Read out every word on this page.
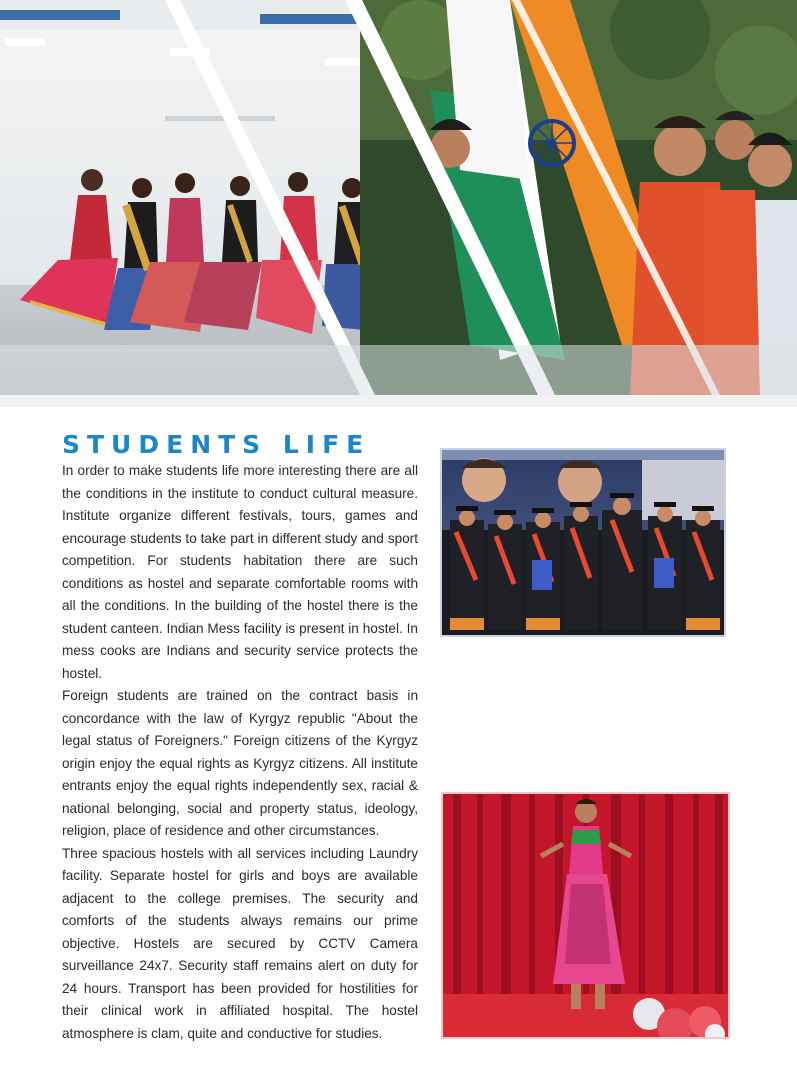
STUDENTS LIFE

In order to make students life more interesting there are all the conditions in the institute to conduct cultural measure. Institute organize different festivals, tours, games and encourage students to take part in different study and sport competition. For students habitation there are such conditions as hostel and separate comfortable rooms with all the conditions. In the building of the hostel there is the student canteen. Indian Mess facility is present in hostel. In mess cooks are Indians and security service protects the hostel.

Foreign students are trained on the contract basis in concordance with the law of Kyrgyz republic "About the legal status of Foreigners." Foreign citizens of the Kyrgyz origin enjoy the equal rights as Kyrgyz citizens. All institute entrants enjoy the equal rights independently sex, racial & national belonging, social and property status, ideology, religion, place of residence and other circumstances.

Three spacious hostels with all services including Laundry facility. Separate hostel for girls and boys are available adjacent to the college premises. The security and comforts of the students always remains our prime objective. Hostels are secured by CCTV Camera surveillance 24x7. Security staff remains alert on duty for 24 hours. Transport has been provided for hostilities for their clinical work in affiliated hospital. The hostel atmosphere is clam, quite and conductive for studies.
